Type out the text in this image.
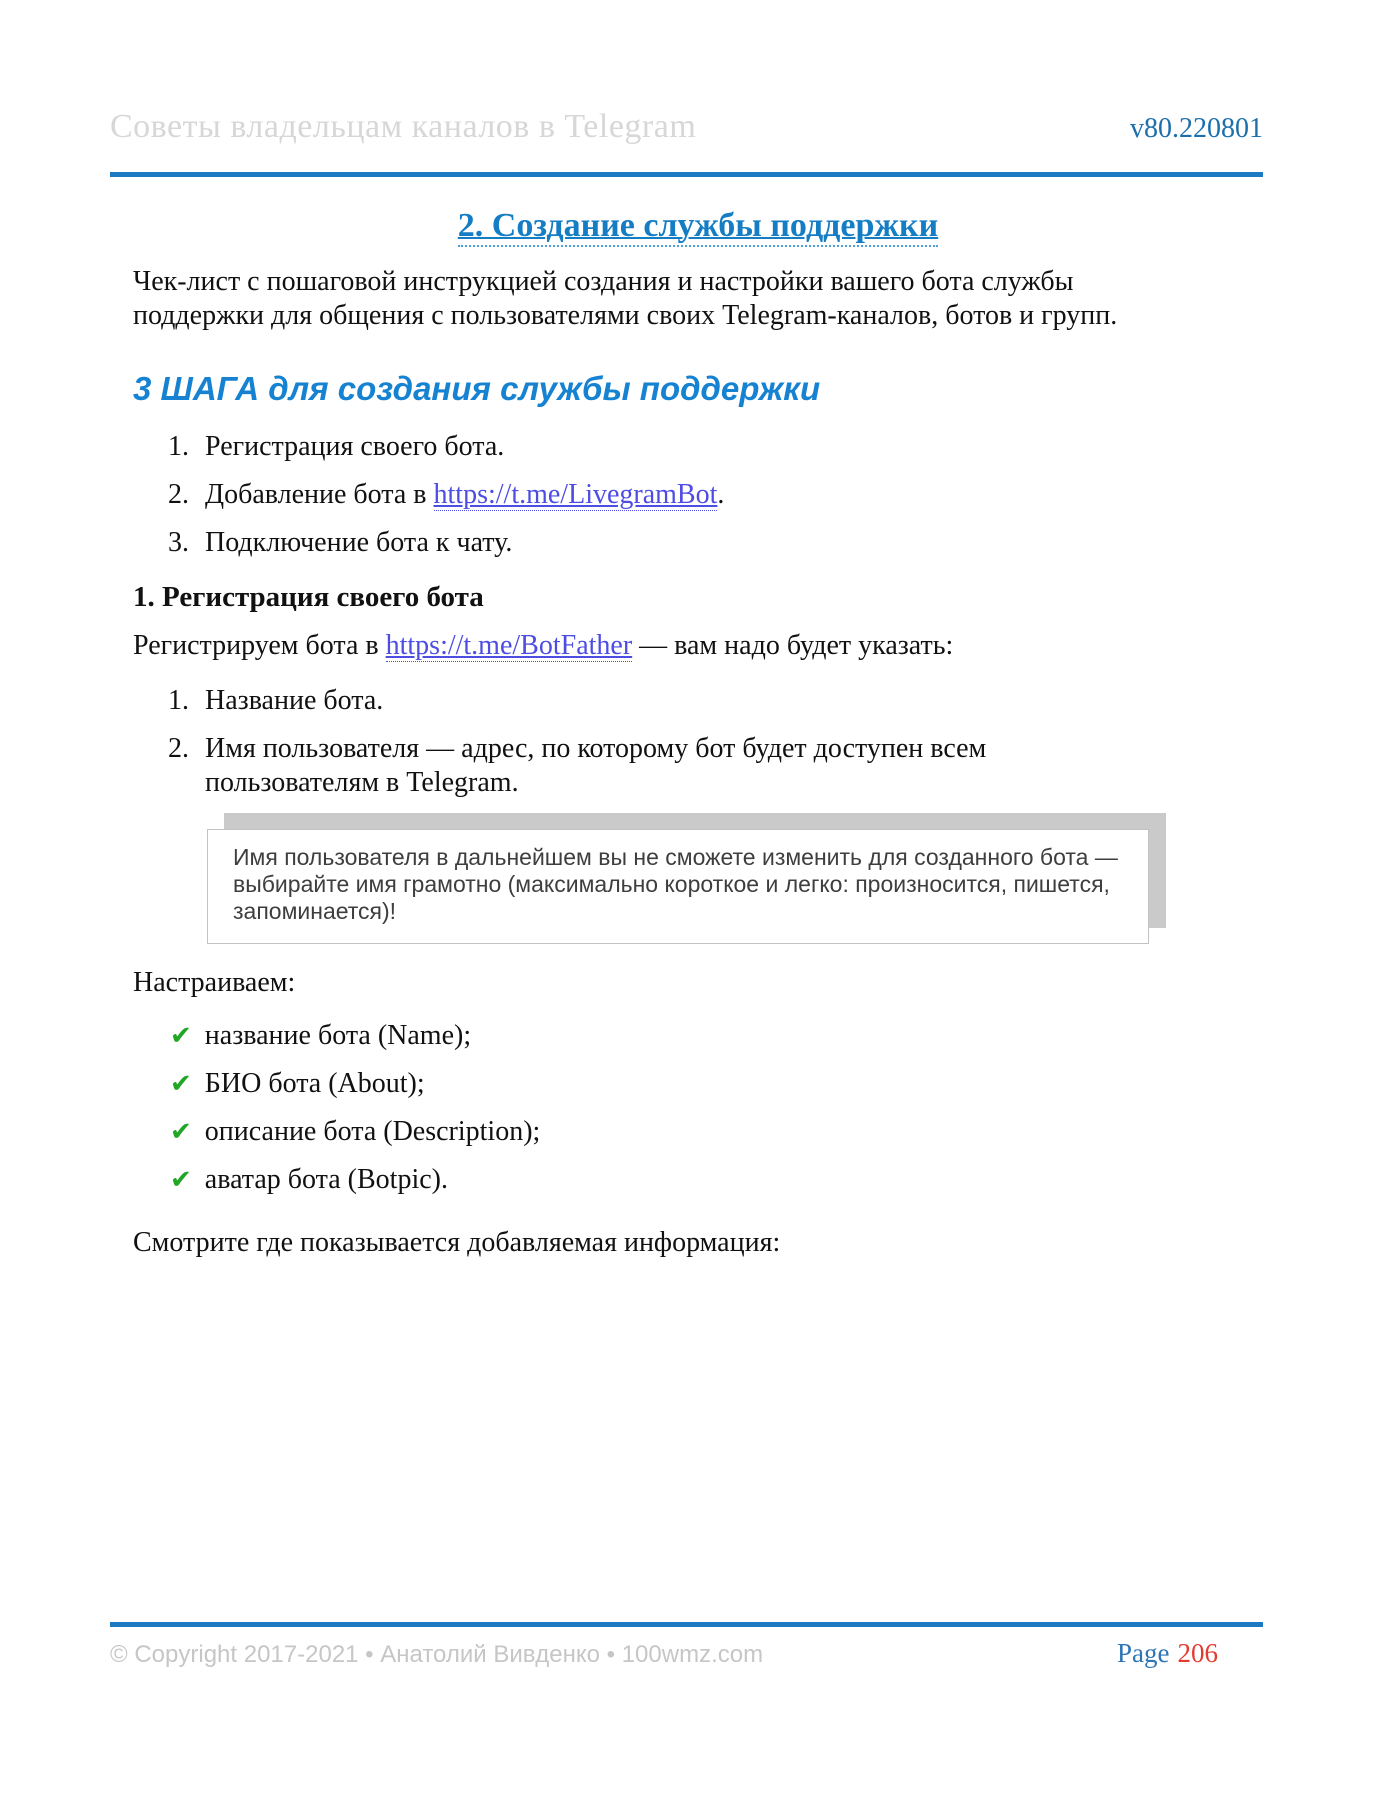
Советы владельцам каналов в Telegram	v80.220801
2. Создание службы поддержки

Чек-лист с пошаговой инструкцией создания и настройки вашего бота службы поддержки для общения с пользователями своих Telegram-каналов, ботов и групп.

3 ШАГА для создания службы поддержки
1. Регистрация своего бота.
2. Добавление бота в https://t.me/LivegramBot.
3. Подключение бота к чату.
1. Регистрация своего бота

Регистрируем бота в https://t.me/BotFather — вам надо будет указать:

1. Название бота.
2. Имя пользователя — адрес, по которому бот будет доступен всем пользователям в Telegram.

Имя пользователя в дальнейшем вы не сможете изменить для созданного бота — выбирайте имя грамотно (максимально короткое и легко: произносится, пишется, запоминается)!

Настраиваем:

✔ название бота (Name);
✔ БИО бота (About);
✔ описание бота (Description);
✔ аватар бота (Botpic).

Смотрите где показывается добавляемая информация:

© Copyright 2017-2021 • Анатолий Вивденко • 100wmz.com	Page 206
